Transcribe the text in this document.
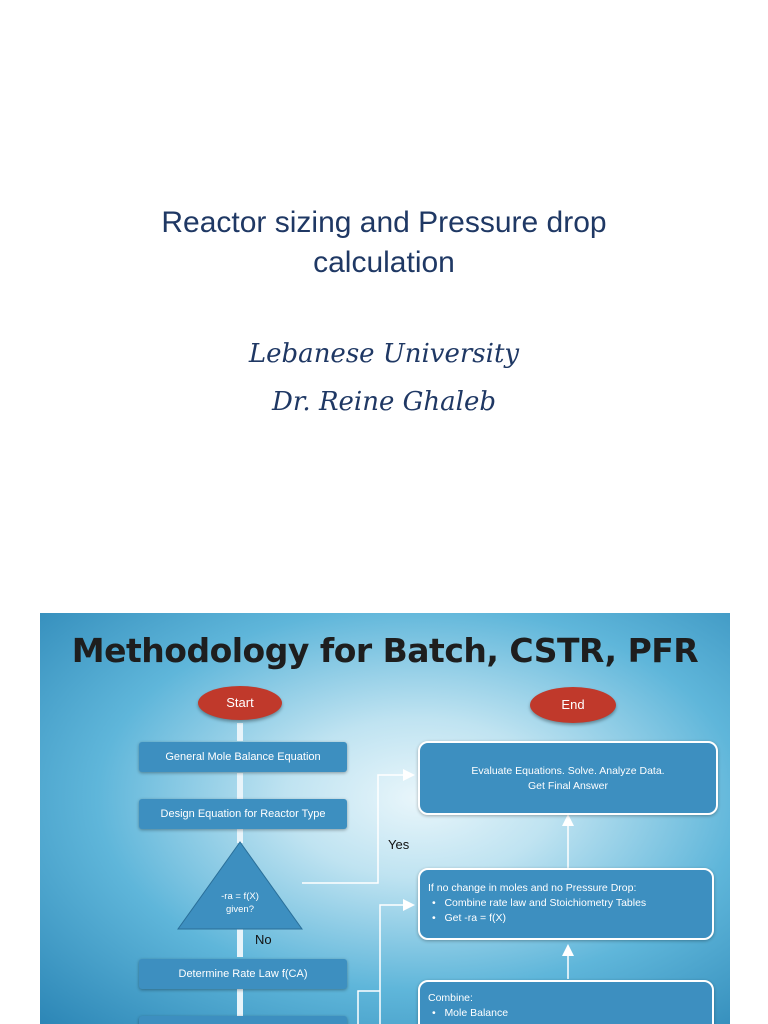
Reactor sizing and Pressure drop
calculation
Lebanese University
Dr. Reine Ghaleb
Methodology for Batch, CSTR, PFR
Start	End
General Mole Balance Equation
Design Equation for Reactor Type
-ra = f(X)
given?
Yes
No
Determine Rate Law f(CA)
Evaluate Equations. Solve. Analyze Data.
Get Final Answer
If no change in moles and no Pressure Drop:
•   Combine rate law and Stoichiometry Tables
•   Get -ra = f(X)
Combine:
•   Mole Balance
